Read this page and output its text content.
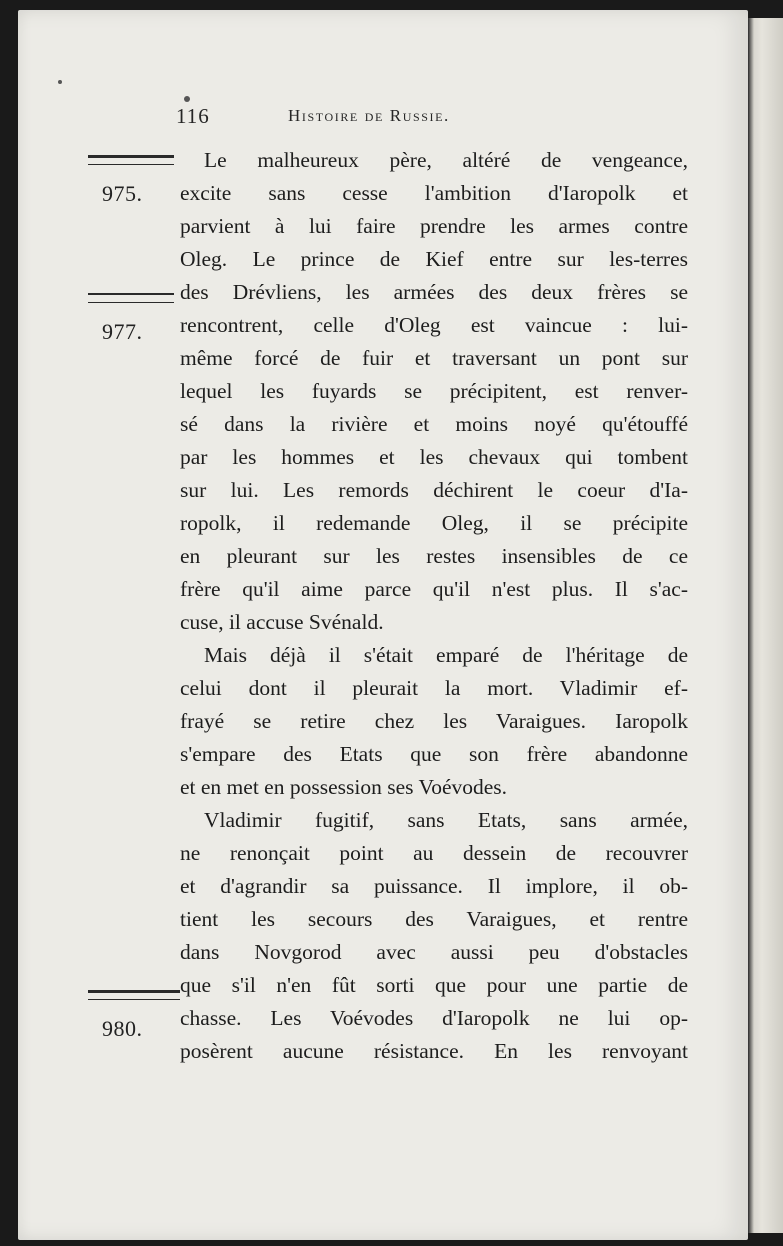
116	Histoire de Russie.
975.
977.
980.
Le malheureux père, altéré de vengeance,
excite sans cesse l'ambition d'Iaropolk et
parvient à lui faire prendre les armes contre
Oleg. Le prince de Kief entre sur les-terres
des Drévliens, les armées des deux frères se
rencontrent, celle d'Oleg est vaincue : lui-
même forcé de fuir et traversant un pont sur
lequel les fuyards se précipitent, est renver-
sé dans la rivière et moins noyé qu'étouffé
par les hommes et les chevaux qui tombent
sur lui. Les remords déchirent le coeur d'Ia-
ropolk, il redemande Oleg, il se précipite
en pleurant sur les restes insensibles de ce
frère qu'il aime parce qu'il n'est plus. Il s'ac-
cuse, il accuse Svénald.
Mais déjà il s'était emparé de l'héritage de
celui dont il pleurait la mort. Vladimir ef-
frayé se retire chez les Varaigues. Iaropolk
s'empare des Etats que son frère abandonne
et en met en possession ses Voévodes.
Vladimir fugitif, sans Etats, sans armée,
ne renonçait point au dessein de recouvrer
et d'agrandir sa puissance. Il implore, il ob-
tient les secours des Varaigues, et rentre
dans Novgorod avec aussi peu d'obstacles
que s'il n'en fût sorti que pour une partie de
chasse. Les Voévodes d'Iaropolk ne lui op-
posèrent aucune résistance. En les renvoyant
